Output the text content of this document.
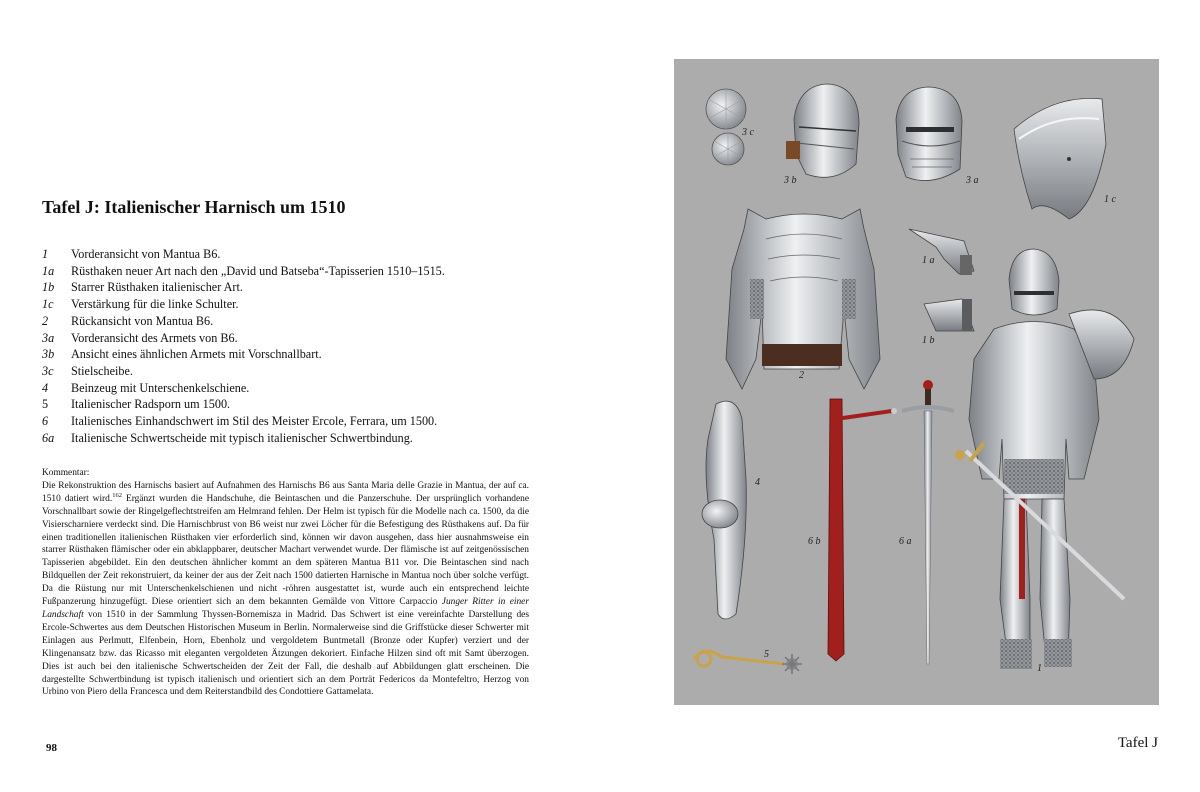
Tafel J: Italienischer Harnisch um 1510
1	Vorderansicht von Mantua B6.
1a	Rüsthaken neuer Art nach den „David und Batseba“-Tapisserien 1510–1515.
1b	Starrer Rüsthaken italienischer Art.
1c	Verstärkung für die linke Schulter.
2	Rückansicht von Mantua B6.
3a	Vorderansicht des Armets von B6.
3b	Ansicht eines ähnlichen Armets mit Vorschnallbart.
3c	Stielscheibe.
4	Beinzeug mit Unterschenkelschiene.
5	Italienischer Radsporn um 1500.
6	Italienisches Einhandschwert im Stil des Meister Ercole, Ferrara, um 1500.
6a	Italienische Schwertscheide mit typisch italienischer Schwertbindung.

Kommentar:
Die Rekonstruktion des Harnischs basiert auf Aufnahmen des Harnischs B6 aus Santa Maria delle Grazie in Mantua, der auf ca. 1510 datiert wird.$^{162}$ Ergänzt wurden die Handschuhe, die Beintaschen und die Panzerschuhe. Der ursprünglich vorhandene Vorschnallbart sowie der Ringelgeflechtstreifen am Helmrand fehlen. Der Helm ist typisch für die Modelle nach ca. 1500, da die Visierscharniere verdeckt sind. Die Harnischbrust von B6 weist nur zwei Löcher für die Befestigung des Rüsthakens auf. Da für einen traditionellen italienischen Rüsthaken vier erforderlich sind, können wir davon ausgehen, dass hier ausnahmsweise ein starrer Rüsthaken flämischer oder ein abklappbarer, deutscher Machart verwendet wurde. Der flämische ist auf zeitgenössischen Tapisserien abgebildet. Ein den deutschen ähnlicher kommt an dem späteren Mantua B11 vor. Die Beintaschen sind nach Bildquellen der Zeit rekonstruiert, da keiner der aus der Zeit nach 1500 datierten Harnische in Mantua noch über solche verfügt. Da die Rüstung nur mit Unterschenkelschienen und nicht -röhren ausgestattet ist, wurde auch ein entsprechend leichte Fußpanzerung hinzugefügt. Diese orientiert sich an dem bekannten Gemälde von Vittore Carpaccio Junger Ritter in einer Landschaft von 1510 in der Sammlung Thyssen-Bornemisza in Madrid. Das Schwert ist eine vereinfachte Darstellung des Ercole-Schwertes aus dem Deutschen Historischen Museum in Berlin. Normalerweise sind die Griffstücke dieser Schwerter mit Einlagen aus Perlmutt, Elfenbein, Horn, Ebenholz und vergoldetem Buntmetall (Bronze oder Kupfer) verziert und der Klingenansatz bzw. das Ricasso mit eleganten vergoldeten Ätzungen dekoriert. Einfache Hilzen sind oft mit Samt überzogen. Dies ist auch bei den italienische Schwertscheiden der Zeit der Fall, die deshalb auf Abbildungen glatt erscheinen. Die dargestellte Schwertbindung ist typisch italienisch und orientiert sich an dem Porträt Federicos da Montefeltro, Herzog von Urbino von Piero della Francesca und dem Reiterstandbild des Condottiere Gattamelata.

98
3 c
3 b	3 a
1 c
1 a
1 b
2
4
6 b	6 a
5
1
Tafel J
